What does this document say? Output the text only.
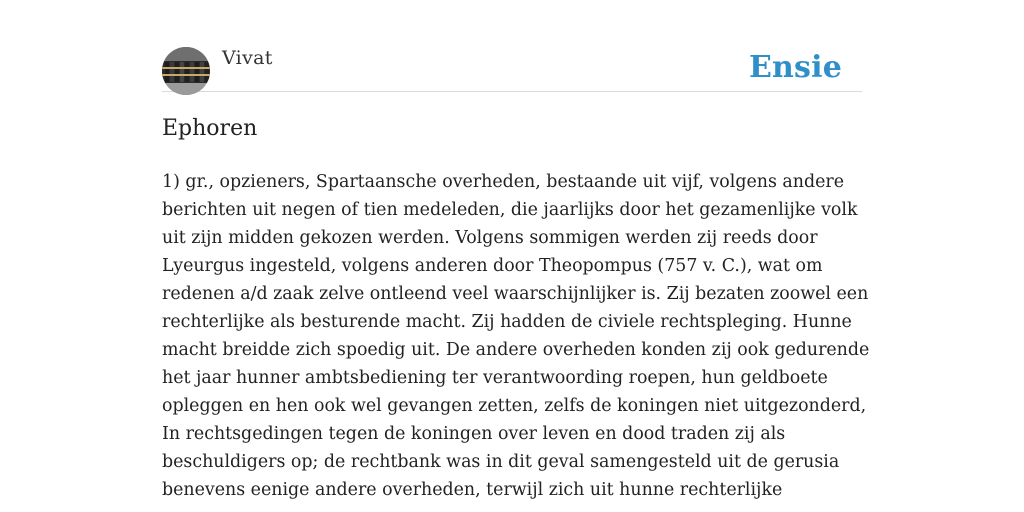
Vivat	Ensie
Ephoren
1) gr., opzieners, Spartaansche overheden, bestaande uit vijf, volgens andere
berichten uit negen of tien medeleden, die jaarlijks door het gezamenlijke volk
uit zijn midden gekozen werden. Volgens sommigen werden zij reeds door
Lyeurgus ingesteld, volgens anderen door Theopompus (757 v. C.), wat om
redenen a/d zaak zelve ontleend veel waarschijnlijker is. Zij bezaten zoowel een
rechterlijke als besturende macht. Zij hadden de civiele rechtspleging. Hunne
macht breidde zich spoedig uit. De andere overheden konden zij ook gedurende
het jaar hunner ambtsbediening ter verantwoording roepen, hun geldboete
opleggen en hen ook wel gevangen zetten, zelfs de koningen niet uitgezonderd,
In rechtsgedingen tegen de koningen over leven en dood traden zij als
beschuldigers op; de rechtbank was in dit geval samengesteld uit de gerusia
benevens eenige andere overheden, terwijl zich uit hunne rechterlijke
